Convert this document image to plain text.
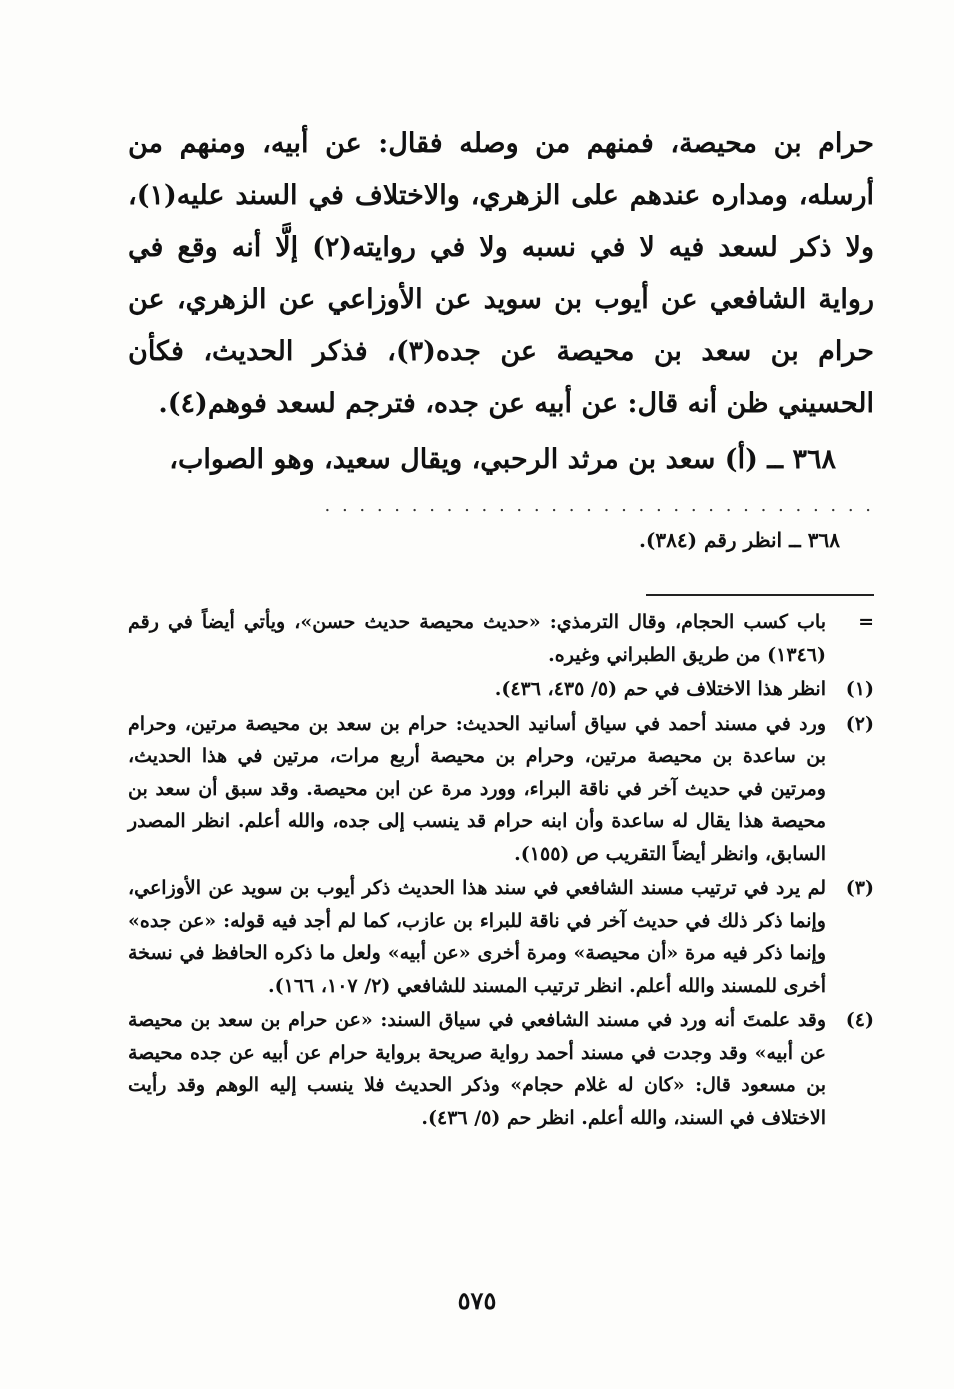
حرام بن محيصة، فمنهم من وصله فقال: عن أبيه، ومنهم من أرسله، ومداره عندهم على الزهري، والاختلاف في السند عليه(١)، ولا ذكر لسعد فيه لا في نسبه ولا في روايته(٢) إلَّا أنه وقع في رواية الشافعي عن أيوب بن سويد عن الأوزاعي عن الزهري، عن حرام بن سعد بن محيصة عن جده(٣)، فذكر الحديث، فكأن الحسيني ظن أنه قال: عن أبيه عن جده، فترجم لسعد فوهم(٤).

٣٦٨ ــ (أ) سعد بن مرثد الرحبي، ويقال سعيد، وهو الصواب،

. . . . . . . . . . . . . . . . . . . . . . . . . . . . . . . .
٣٦٨ ــ انظر رقم (٣٨٤).
=
باب كسب الحجام، وقال الترمذي: «حديث محيصة حديث حسن»، ويأتي أيضاً في رقم (١٣٤٦) من طريق الطبراني وغيره.
(١)
انظر هذا الاختلاف في حم (٥/ ٤٣٥، ٤٣٦).
(٢)
ورد في مسند أحمد في سياق أسانيد الحديث: حرام بن سعد بن محيصة مرتين، وحرام بن ساعدة بن محيصة مرتين، وحرام بن محيصة أربع مرات، مرتين في هذا الحديث، ومرتين في حديث آخر في ناقة البراء، وورد مرة عن ابن محيصة. وقد سبق أن سعد بن محيصة هذا يقال له ساعدة وأن ابنه حرام قد ينسب إلى جده، والله أعلم. انظر المصدر السابق، وانظر أيضاً التقريب ص (١٥٥).
(٣)
لم يرد في ترتيب مسند الشافعي في سند هذا الحديث ذكر أيوب بن سويد عن الأوزاعي، وإنما ذكر ذلك في حديث آخر في ناقة للبراء بن عازب، كما لم أجد فيه قوله: «عن جده» وإنما ذكر فيه مرة «أن محيصة» ومرة أخرى «عن أبيه» ولعل ما ذكره الحافظ في نسخة أخرى للمسند والله أعلم. انظر ترتيب المسند للشافعي (٢/ ١٠٧، ١٦٦).
(٤)
وقد علمتَ أنه ورد في مسند الشافعي في سياق السند: «عن حرام بن سعد بن محيصة عن أبيه» وقد وجدت في مسند أحمد رواية صريحة برواية حرام عن أبيه عن جده محيصة بن مسعود قال: «كان له غلام حجام» وذكر الحديث فلا ينسب إليه الوهم وقد رأيت الاختلاف في السند، والله أعلم. انظر حم (٥/ ٤٣٦).
٥٧٥
